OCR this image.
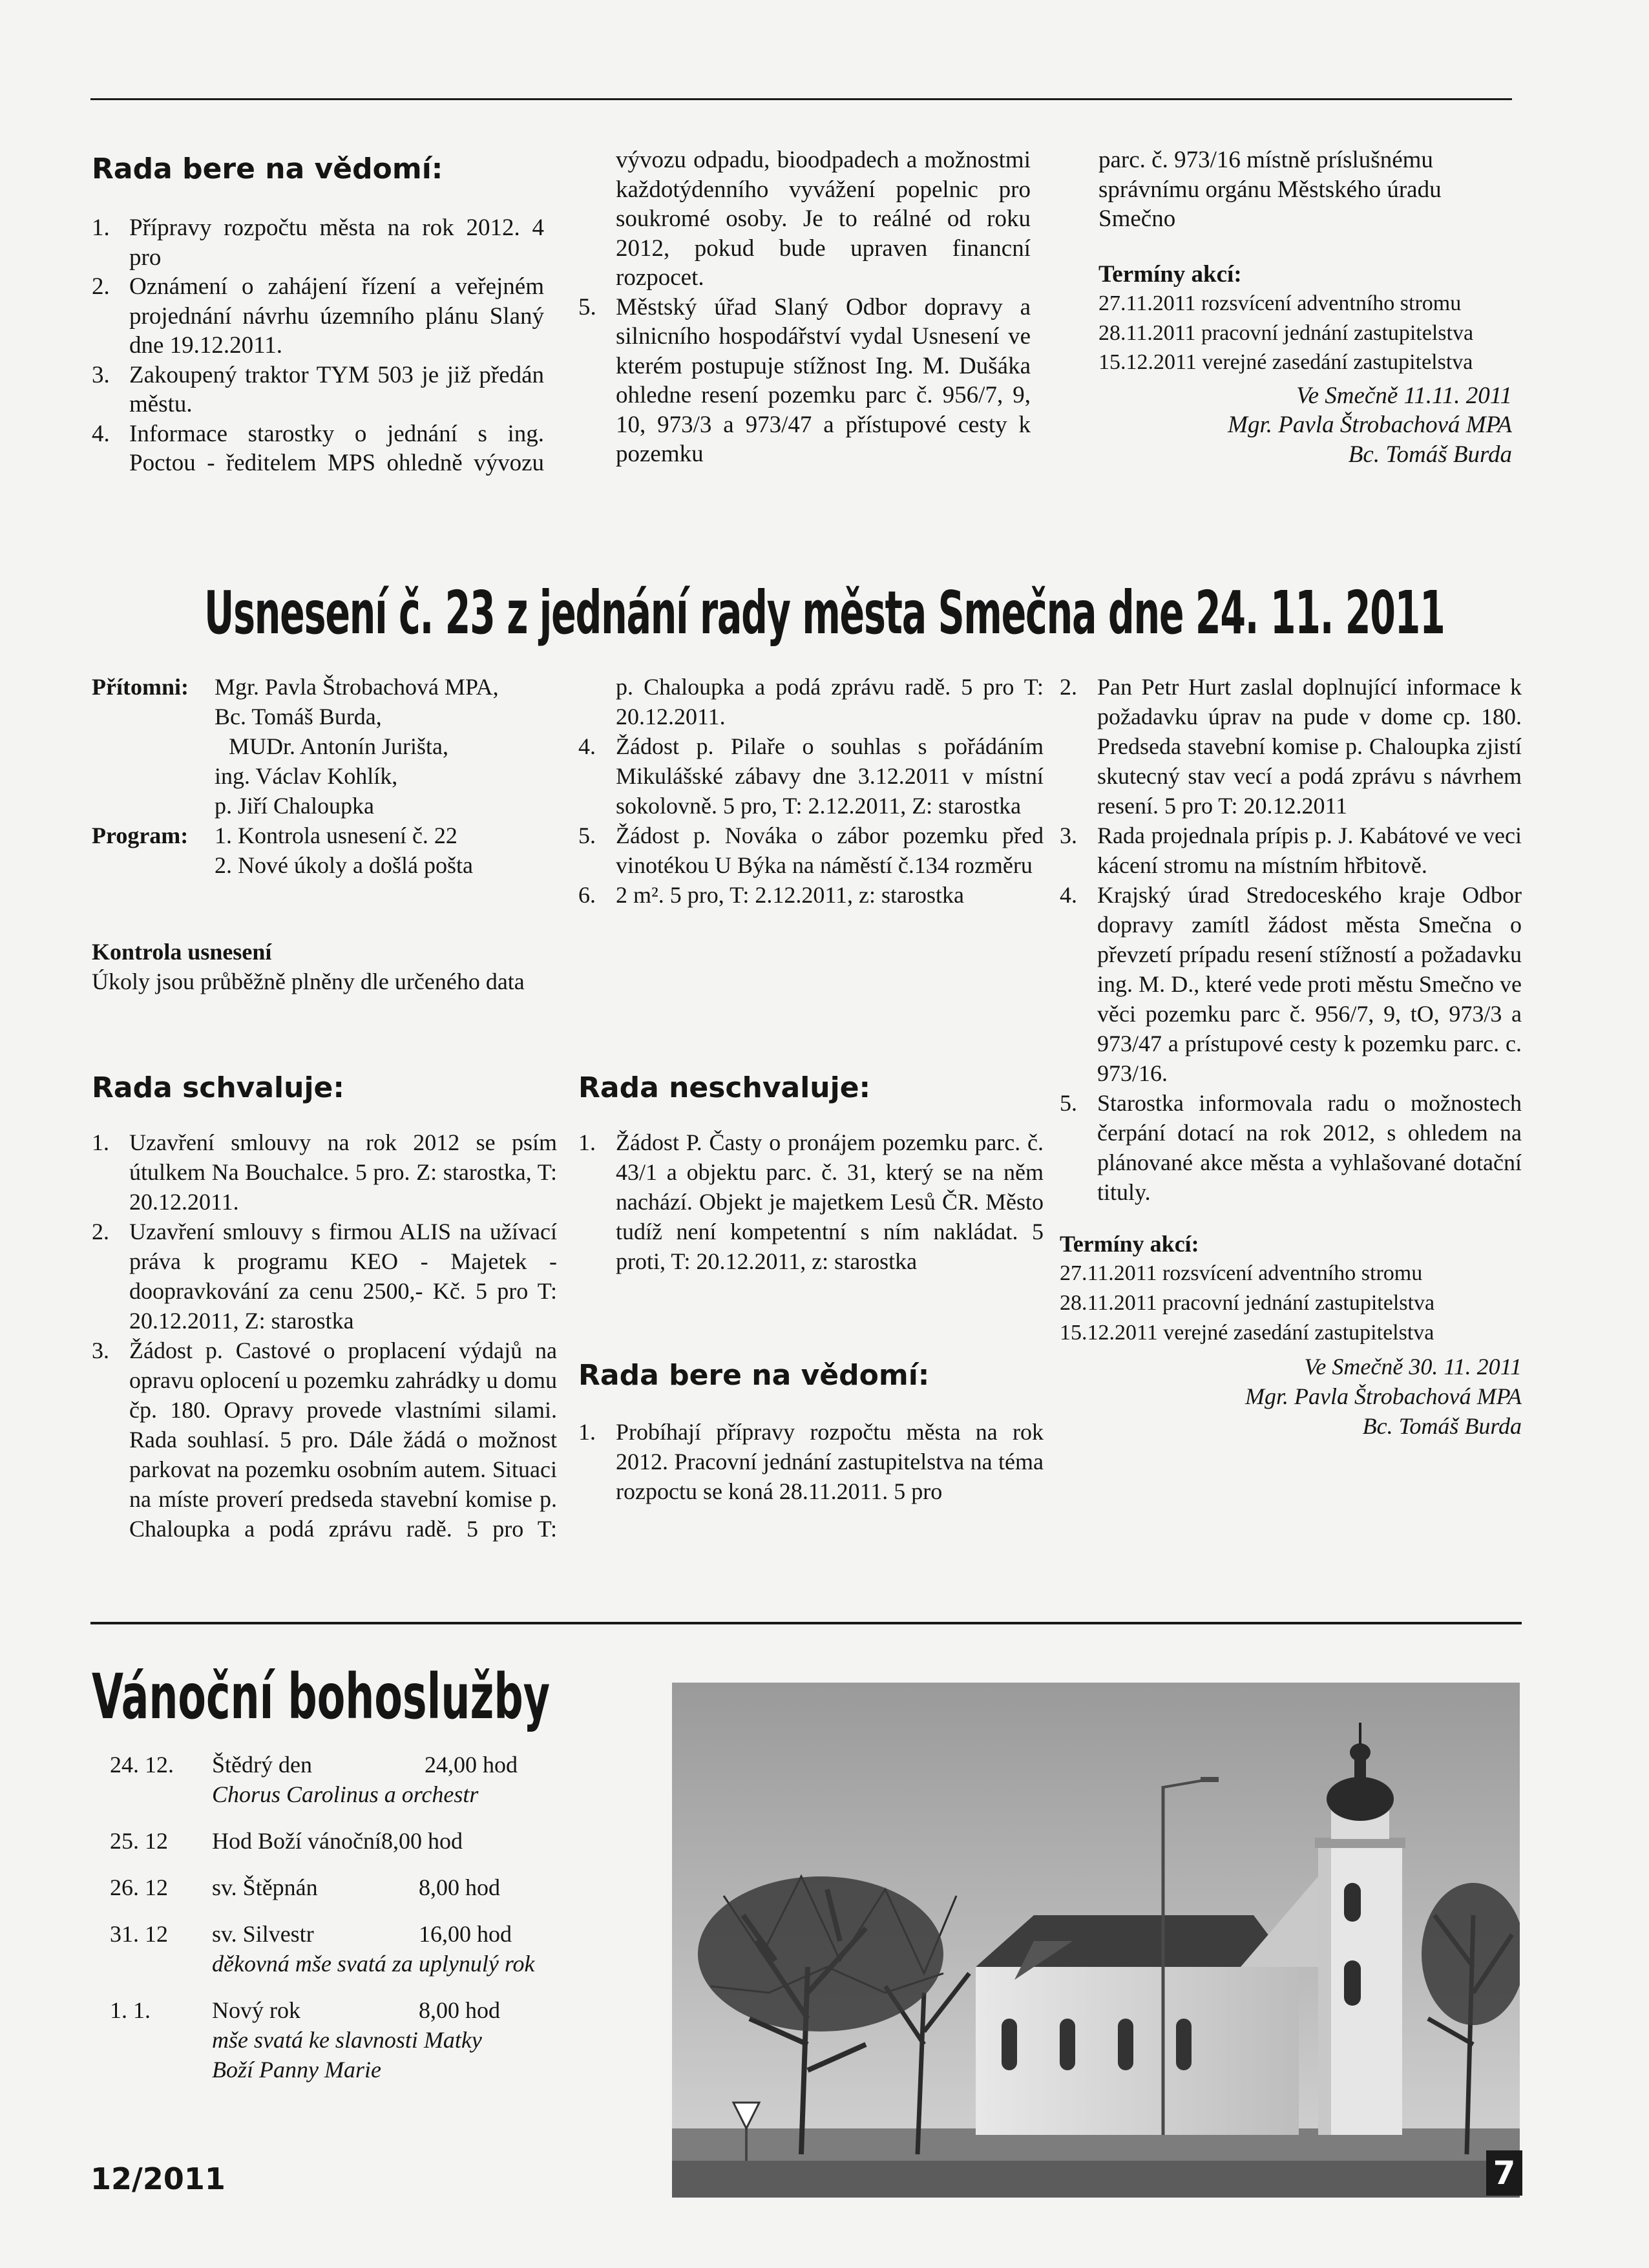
Rada bere na vědomí:
1. Přípravy rozpočtu města na rok 2012. 4 pro
2. Oznámení o zahájení řízení a veřejném projednání návrhu územního plánu Slaný dne 19.12.2011.
3. Zakoupený traktor TYM 503 je již předán městu.
4. Informace starostky o jednání s ing. Poctou - ředitelem MPS ohledně vývozu
vývozu odpadu, bioodpadech a možnostmi každotýdenního vyvážení popelnic pro soukromé osoby. Je to reálné od roku 2012, pokud bude upraven financní rozpocet.
5. Městský úřad Slaný Odbor dopravy a silnicního hospodářství vydal Usnesení ve kterém postupuje stížnost Ing. M. Dušáka ohledne resení pozemku parc č. 956/7, 9, 10, 973/3 a 973/47 a přístupové cesty k pozemku
parc. č. 973/16 místně príslušnému správnímu orgánu Městského úradu Smečno
Termíny akcí:
27.11.2011 rozsvícení adventního stromu
28.11.2011 pracovní jednání zastupitelstva
15.12.2011 verejné zasedání zastupitelstva

Ve Smečně 11.11. 2011

Mgr. Pavla Štrobachová MPA

Bc. Tomáš Burda

Usnesení č. 23 z jednání rady města Smečna dne 24. 11. 2011
Přítomni:	Mgr. Pavla Štrobachová MPA,
Bc. Tomáš Burda,
MUDr. Antonín Jurišta,
ing. Václav Kohlík,
p. Jiří Chaloupka

Program:	1. Kontrola usnesení č. 22
2. Nové úkoly a došlá pošta
Kontrola usnesení
Úkoly jsou průběžně plněny dle určeného data
Rada schvaluje:
1. Uzavření smlouvy na rok 2012 se psím útulkem Na Bouchalce. 5 pro. Z: starostka, T: 20.12.2011.
2. Uzavření smlouvy s firmou ALIS na užívací práva k programu KEO - Majetek - doopravkování za cenu 2500,- Kč. 5 pro T: 20.12.2011, Z: starostka
3. Žádost p. Castové o proplacení výdajů na opravu oplocení u pozemku zahrádky u domu čp. 180. Opravy provede vlastními silami. Rada souhlasí. 5 pro. Dále žádá o možnost parkovat na pozemku osobním autem. Situaci na míste proverí predseda stavební komise p. Chaloupka a podá zprávu radě. 5 pro T:
p. Chaloupka a podá zprávu radě. 5 pro T: 20.12.2011.
4. Žádost p. Pilaře o souhlas s pořádáním Mikulášské zábavy dne 3.12.2011 v místní sokolovně. 5 pro, T: 2.12.2011, Z: starostka
5. Žádost p. Nováka o zábor pozemku před vinotékou U Býka na náměstí č.134 rozměru
6. 2 m². 5 pro, T: 2.12.2011, z: starostka
Rada neschvaluje:
1. Žádost P. Časty o pronájem pozemku parc. č. 43/1 a objektu parc. č. 31, který se na něm nachází. Objekt je majetkem Lesů ČR. Město tudíž není kompetentní s ním nakládat. 5 proti, T: 20.12.2011, z: starostka
Rada bere na vědomí:
1. Probíhají přípravy rozpočtu města na rok 2012. Pracovní jednání zastupitelstva na téma rozpoctu se koná 28.11.2011. 5 pro
2. Pan Petr Hurt zaslal doplnující informace k požadavku úprav na pude v dome cp. 180. Predseda stavební komise p. Chaloupka zjistí skutecný stav vecí a podá zprávu s návrhem resení. 5 pro T: 20.12.2011
3. Rada projednala prípis p. J. Kabátové ve veci kácení stromu na místním hřbitově.
4. Krajský úrad Stredoceského kraje Odbor dopravy zamítl žádost města Smečna o převzetí prípadu resení stížností a požadavku ing. M. D., které vede proti městu Smečno ve věci pozemku parc č. 956/7, 9, tO, 973/3 a 973/47 a prístupové cesty k pozemku parc. c. 973/16.
5. Starostka informovala radu o možnostech čerpání dotací na rok 2012, s ohledem na plánované akce města a vyhlašované dotační tituly.
Termíny akcí:
27.11.2011 rozsvícení adventního stromu
28.11.2011 pracovní jednání zastupitelstva
15.12.2011 verejné zasedání zastupitelstva

Ve Smečně 30. 11. 2011

Mgr. Pavla Štrobachová MPA

Bc. Tomáš Burda

Vánoční bohoslužby
24. 12. Štědrý den	24,00 hod
Chorus Carolinus a orchestr
25. 12 Hod Boží vánoční 8,00 hod
26. 12 sv. Štěpnán	8,00 hod
31. 12 sv. Silvestr	16,00 hod
děkovná mše svatá za uplynulý rok
1. 1.	Nový rok	8,00 hod
mše svatá ke slavnosti Matky Boží Panny Marie
12/2011	7
